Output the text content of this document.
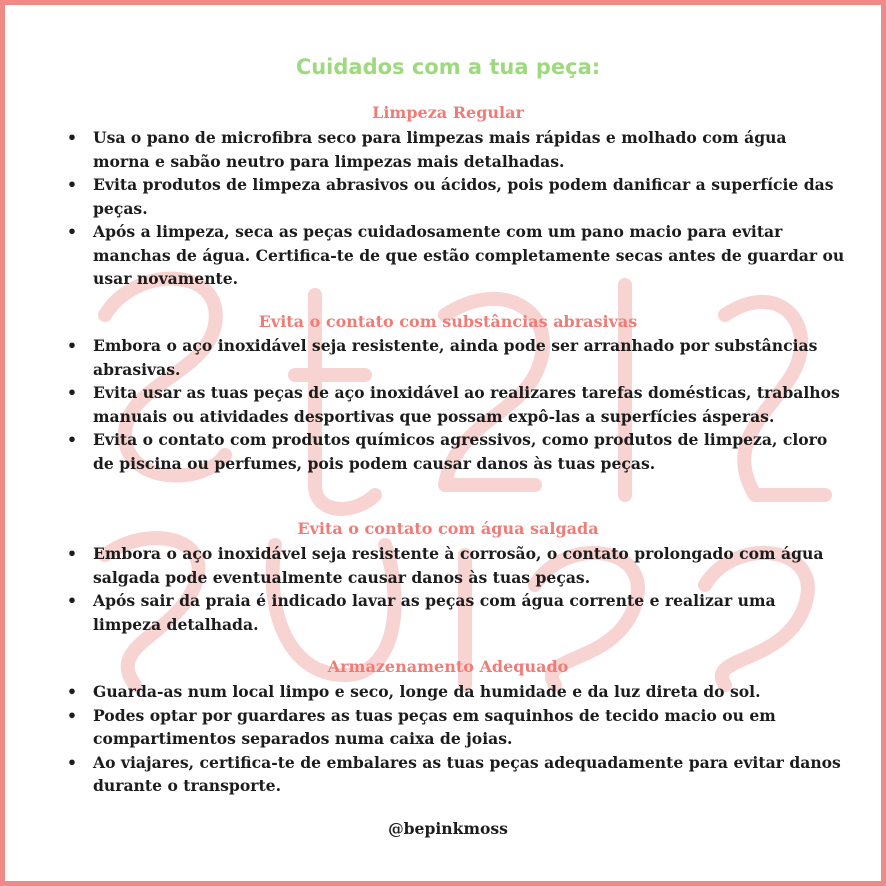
Cuidados com a tua peça:
Limpeza Regular
• Usa o pano de microfibra seco para limpezas mais rápidas e molhado com água morna e sabão neutro para limpezas mais detalhadas.
• Evita produtos de limpeza abrasivos ou ácidos, pois podem danificar a superfície das peças.
• Após a limpeza, seca as peças cuidadosamente com um pano macio para evitar manchas de água. Certifica-te de que estão completamente secas antes de guardar ou usar novamente.
Evita o contato com substâncias abrasivas
• Embora o aço inoxidável seja resistente, ainda pode ser arranhado por substâncias abrasivas.
• Evita usar as tuas peças de aço inoxidável ao realizares tarefas domésticas, trabalhos manuais ou atividades desportivas que possam expô-las a superfícies ásperas.
• Evita o contato com produtos químicos agressivos, como produtos de limpeza, cloro de piscina ou perfumes, pois podem causar danos às tuas peças.
Evita o contato com água salgada
• Embora o aço inoxidável seja resistente à corrosão, o contato prolongado com água salgada pode eventualmente causar danos às tuas peças.
• Após sair da praia é indicado lavar as peças com água corrente e realizar uma limpeza detalhada.
Armazenamento Adequado
• Guarda-as num local limpo e seco, longe da humidade e da luz direta do sol.
• Podes optar por guardares as tuas peças em saquinhos de tecido macio ou em compartimentos separados numa caixa de joias.
• Ao viajares, certifica-te de embalares as tuas peças adequadamente para evitar danos durante o transporte.
@bepinkmoss
